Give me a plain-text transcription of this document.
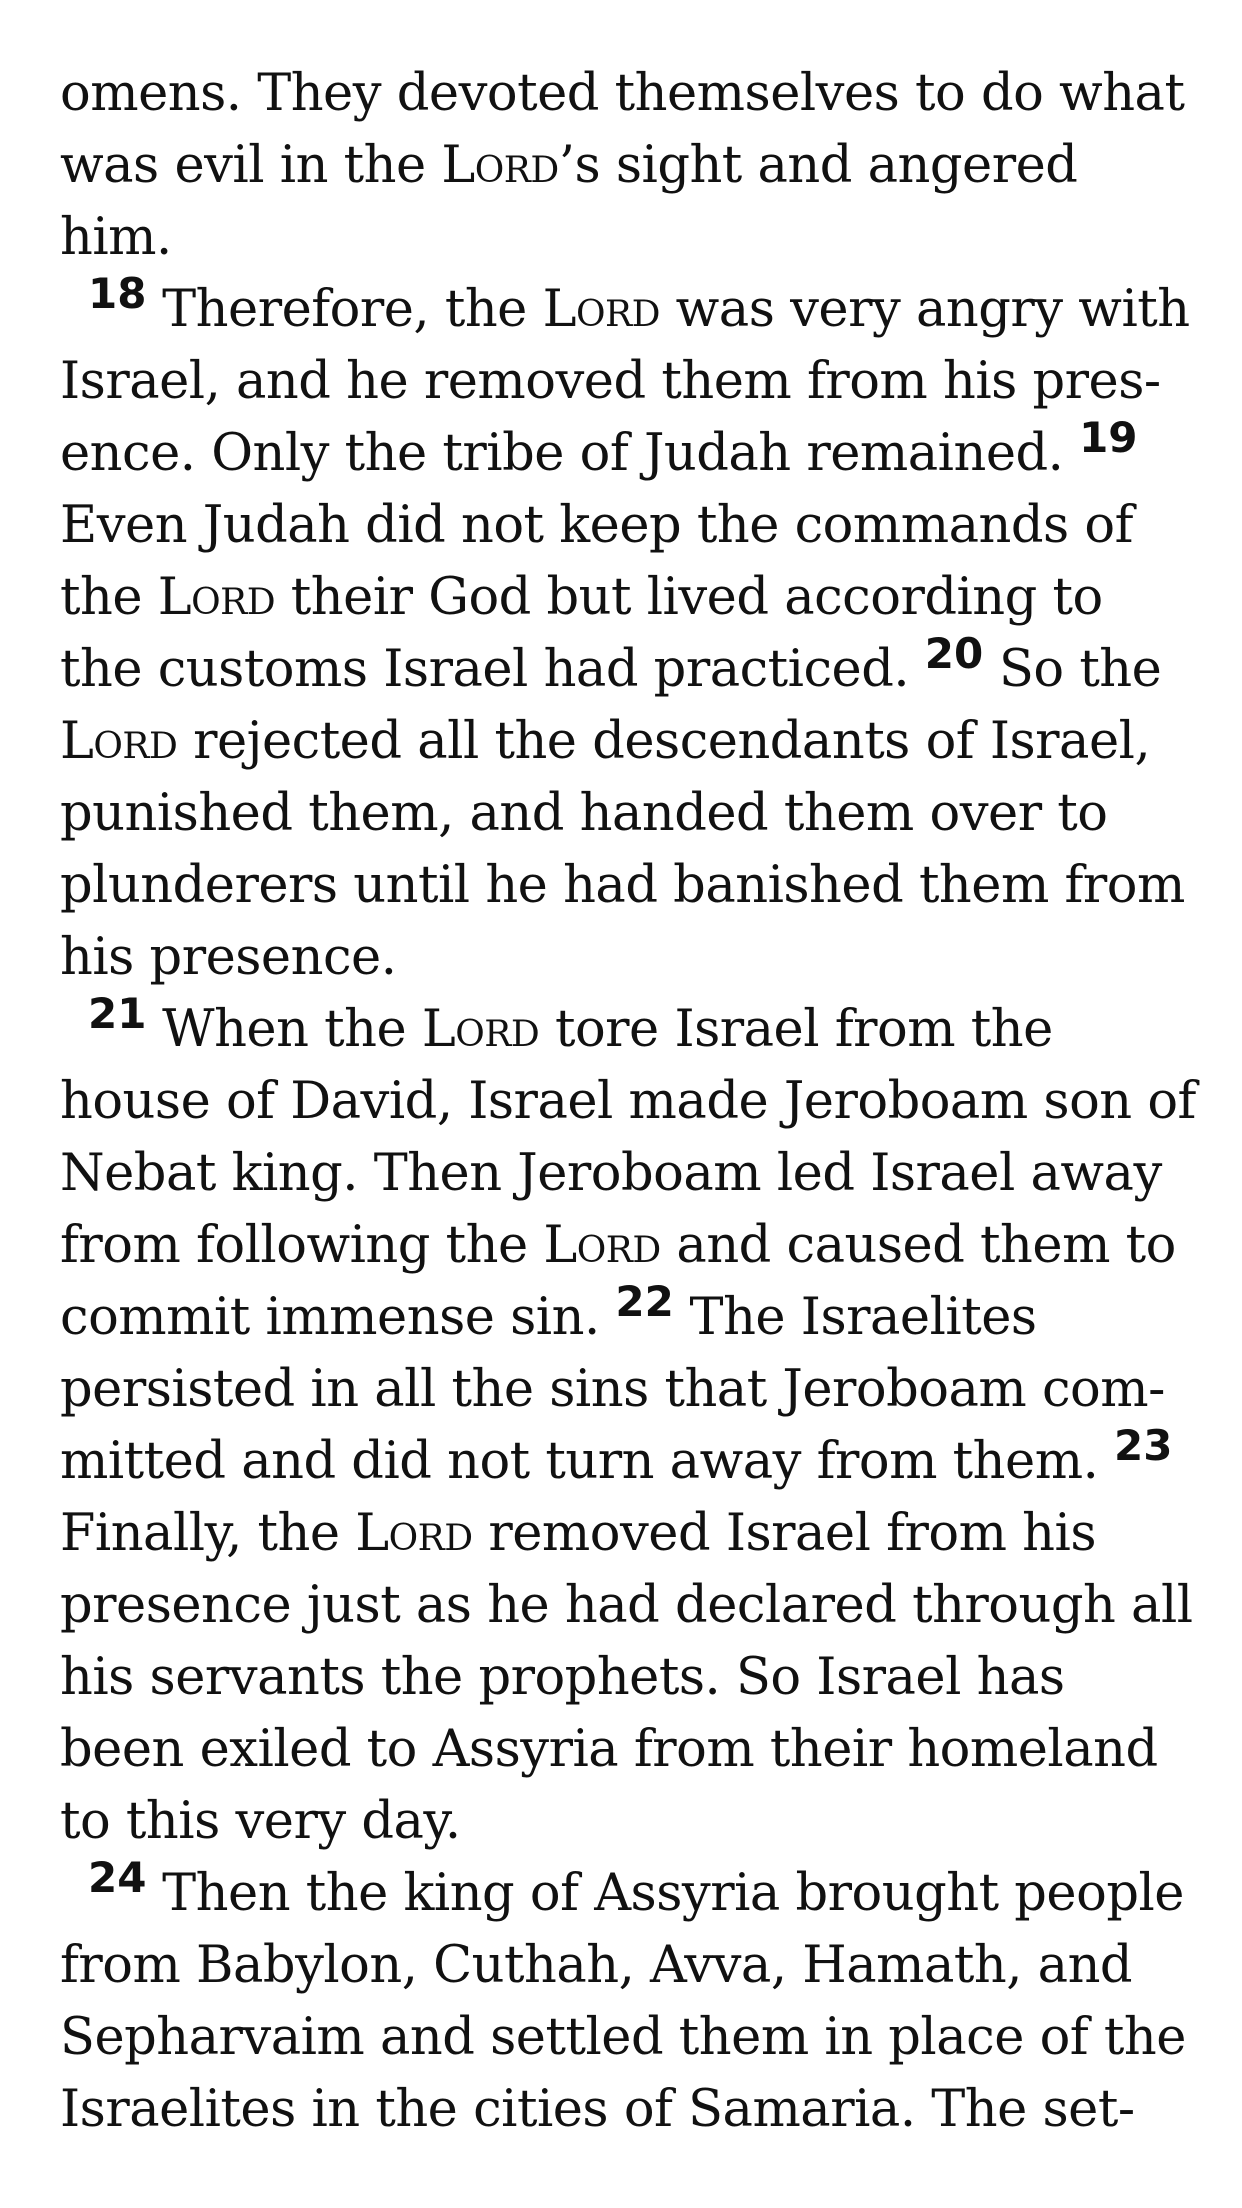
omens. They devoted themselves to do what was evil in the Lord’s sight and angered him.

$^{18}$ Therefore, the Lord was very angry with Israel, and he removed them from his pres-ence. Only the tribe of Judah remained. $^{19}$ Even Judah did not keep the commands of the Lord their God but lived according to the customs Israel had practiced. $^{20}$ So the Lord rejected all the descendants of Israel, punished them, and handed them over to plunderers until he had banished them from his presence.

$^{21}$ When the Lord tore Israel from the house of David, Israel made Jeroboam son of Nebat king. Then Jeroboam led Israel away from following the Lord and caused them to commit immense sin. $^{22}$ The Israelites persisted in all the sins that Jeroboam com-mitted and did not turn away from them. $^{23}$ Finally, the Lord removed Israel from his presence just as he had declared through all his servants the prophets. So Israel has been exiled to Assyria from their homeland to this very day.

$^{24}$ Then the king of Assyria brought people from Babylon, Cuthah, Avva, Hamath, and Sepharvaim and settled them in place of the Israelites in the cities of Samaria. The set-
